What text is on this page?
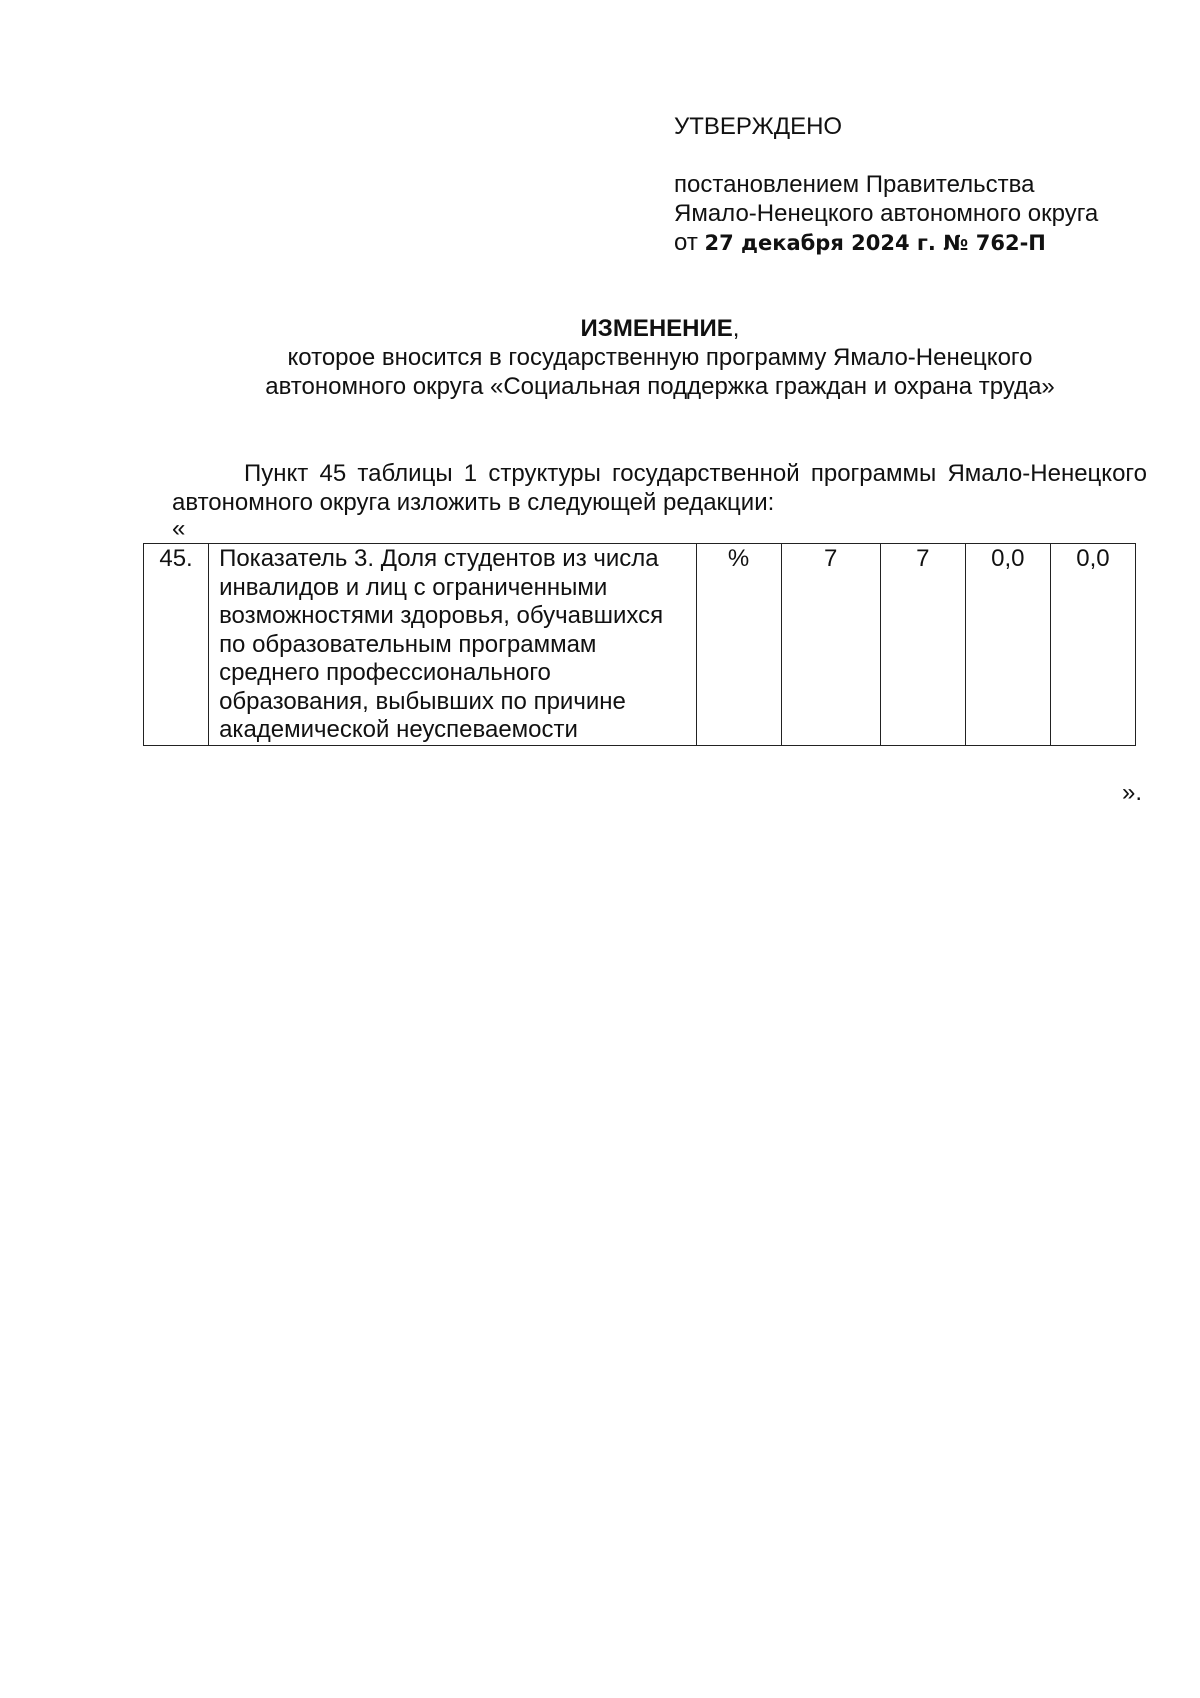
УТВЕРЖДЕНО
постановлением Правительства
Ямало-Ненецкого автономного округа
от 27 декабря 2024 г. № 762-П
ИЗМЕНЕНИЕ,
которое вносится в государственную программу Ямало-Ненецкого
автономного округа «Социальная поддержка граждан и охрана труда»

Пункт 45 таблицы 1 структуры государственной программы Ямало-Ненецкого автономного округа изложить в следующей редакции:

«
45.	Показатель 3. Доля студентов из числа инвалидов и лиц с ограниченными возможностями здоровья, обучавшихся по образовательным программам среднего профессионального образования, выбывших по причине академической неуспеваемости	%	7	7	0,0	0,0
».
